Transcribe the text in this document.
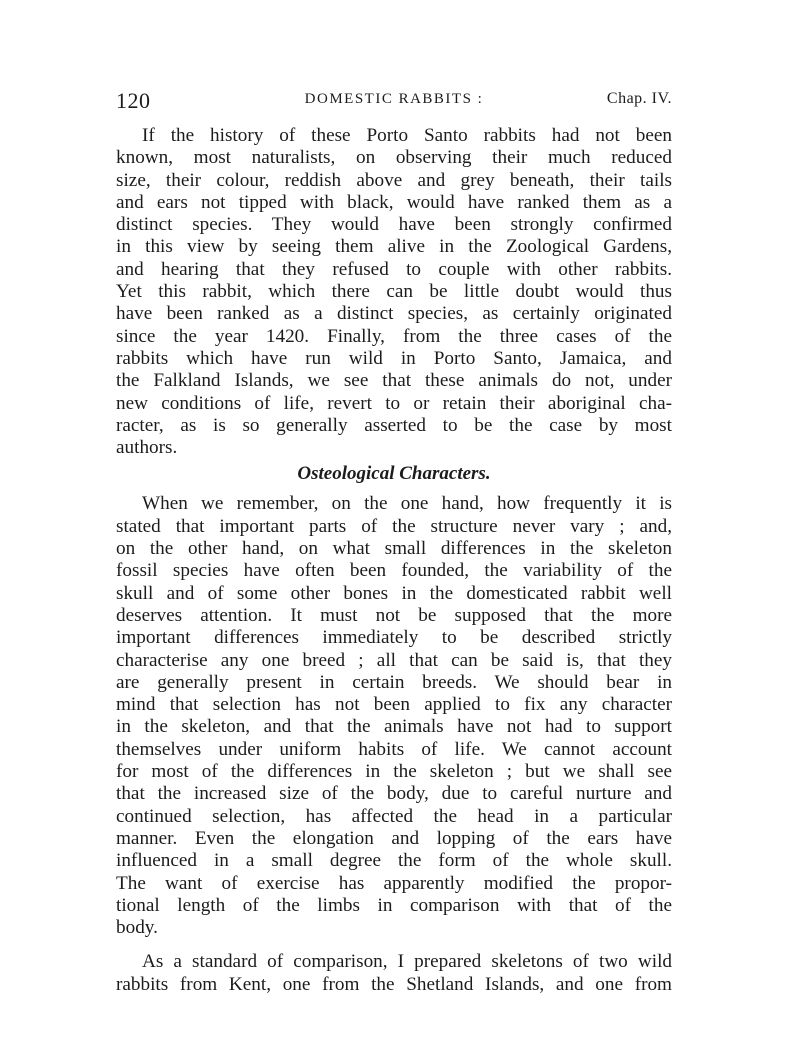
120	DOMESTIC RABBITS :	Chap. IV.

If the history of these Porto Santo rabbits had not been
known, most naturalists, on observing their much reduced
size, their colour, reddish above and grey beneath, their tails
and ears not tipped with black, would have ranked them as a
distinct species. They would have been strongly confirmed
in this view by seeing them alive in the Zoological Gardens,
and hearing that they refused to couple with other rabbits.
Yet this rabbit, which there can be little doubt would thus
have been ranked as a distinct species, as certainly originated
since the year 1420. Finally, from the three cases of the
rabbits which have run wild in Porto Santo, Jamaica, and
the Falkland Islands, we see that these animals do not, under
new conditions of life, revert to or retain their aboriginal cha-
racter, as is so generally asserted to be the case by most
authors.

Osteological Characters.

When we remember, on the one hand, how frequently it is
stated that important parts of the structure never vary ; and,
on the other hand, on what small differences in the skeleton
fossil species have often been founded, the variability of the
skull and of some other bones in the domesticated rabbit well
deserves attention. It must not be supposed that the more
important differences immediately to be described strictly
characterise any one breed ; all that can be said is, that they
are generally present in certain breeds. We should bear in
mind that selection has not been applied to fix any character
in the skeleton, and that the animals have not had to support
themselves under uniform habits of life. We cannot account
for most of the differences in the skeleton ; but we shall see
that the increased size of the body, due to careful nurture and
continued selection, has affected the head in a particular
manner. Even the elongation and lopping of the ears have
influenced in a small degree the form of the whole skull.
The want of exercise has apparently modified the propor-
tional length of the limbs in comparison with that of the
body.

As a standard of comparison, I prepared skeletons of two wild
rabbits from Kent, one from the Shetland Islands, and one from
